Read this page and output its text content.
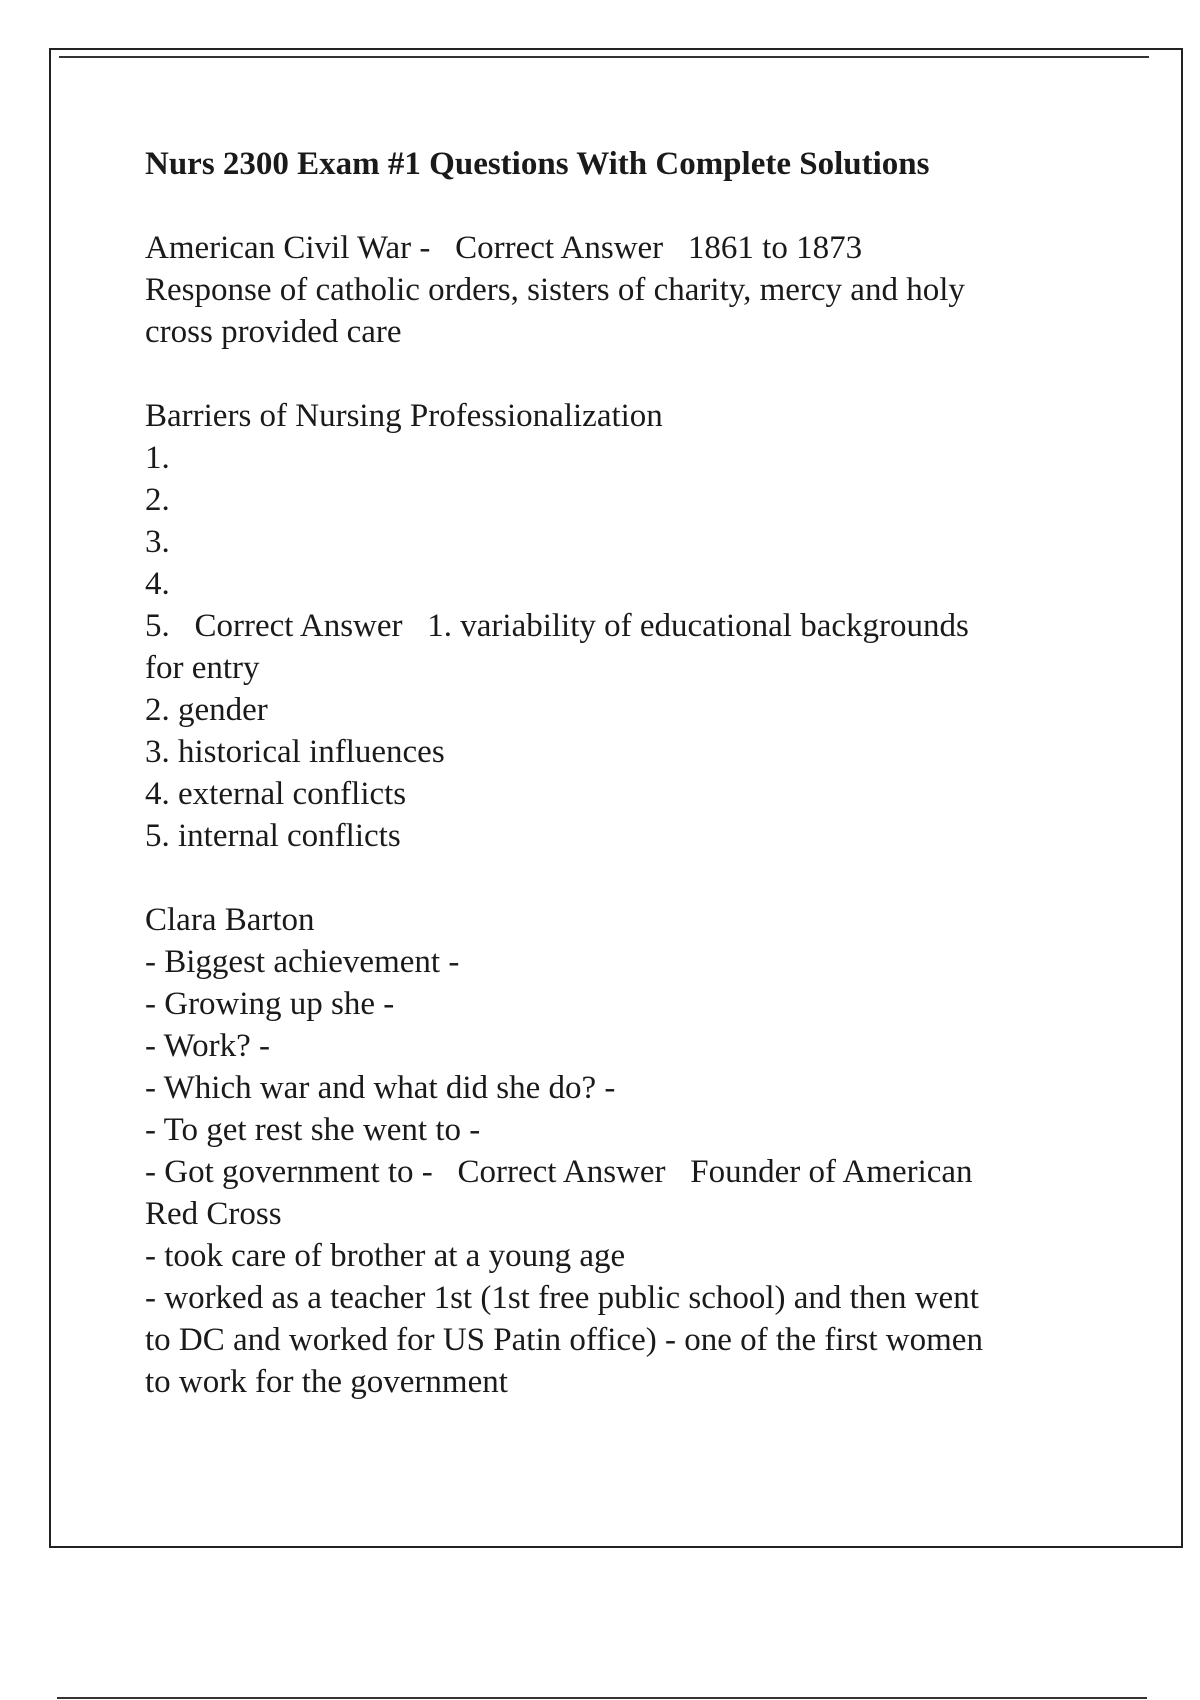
Nurs 2300 Exam #1 Questions With Complete Solutions
American Civil War -   Correct Answer   1861 to 1873
Response of catholic orders, sisters of charity, mercy and holy
cross provided care
Barriers of Nursing Professionalization
1.
2.
3.
4.
5.   Correct Answer   1. variability of educational backgrounds
for entry
2. gender
3. historical influences
4. external conflicts
5. internal conflicts
Clara Barton
- Biggest achievement -
- Growing up she -
- Work? -
- Which war and what did she do? -
- To get rest she went to -
- Got government to -   Correct Answer   Founder of American
Red Cross
- took care of brother at a young age
- worked as a teacher 1st (1st free public school) and then went
to DC and worked for US Patin office) - one of the first women
to work for the government
